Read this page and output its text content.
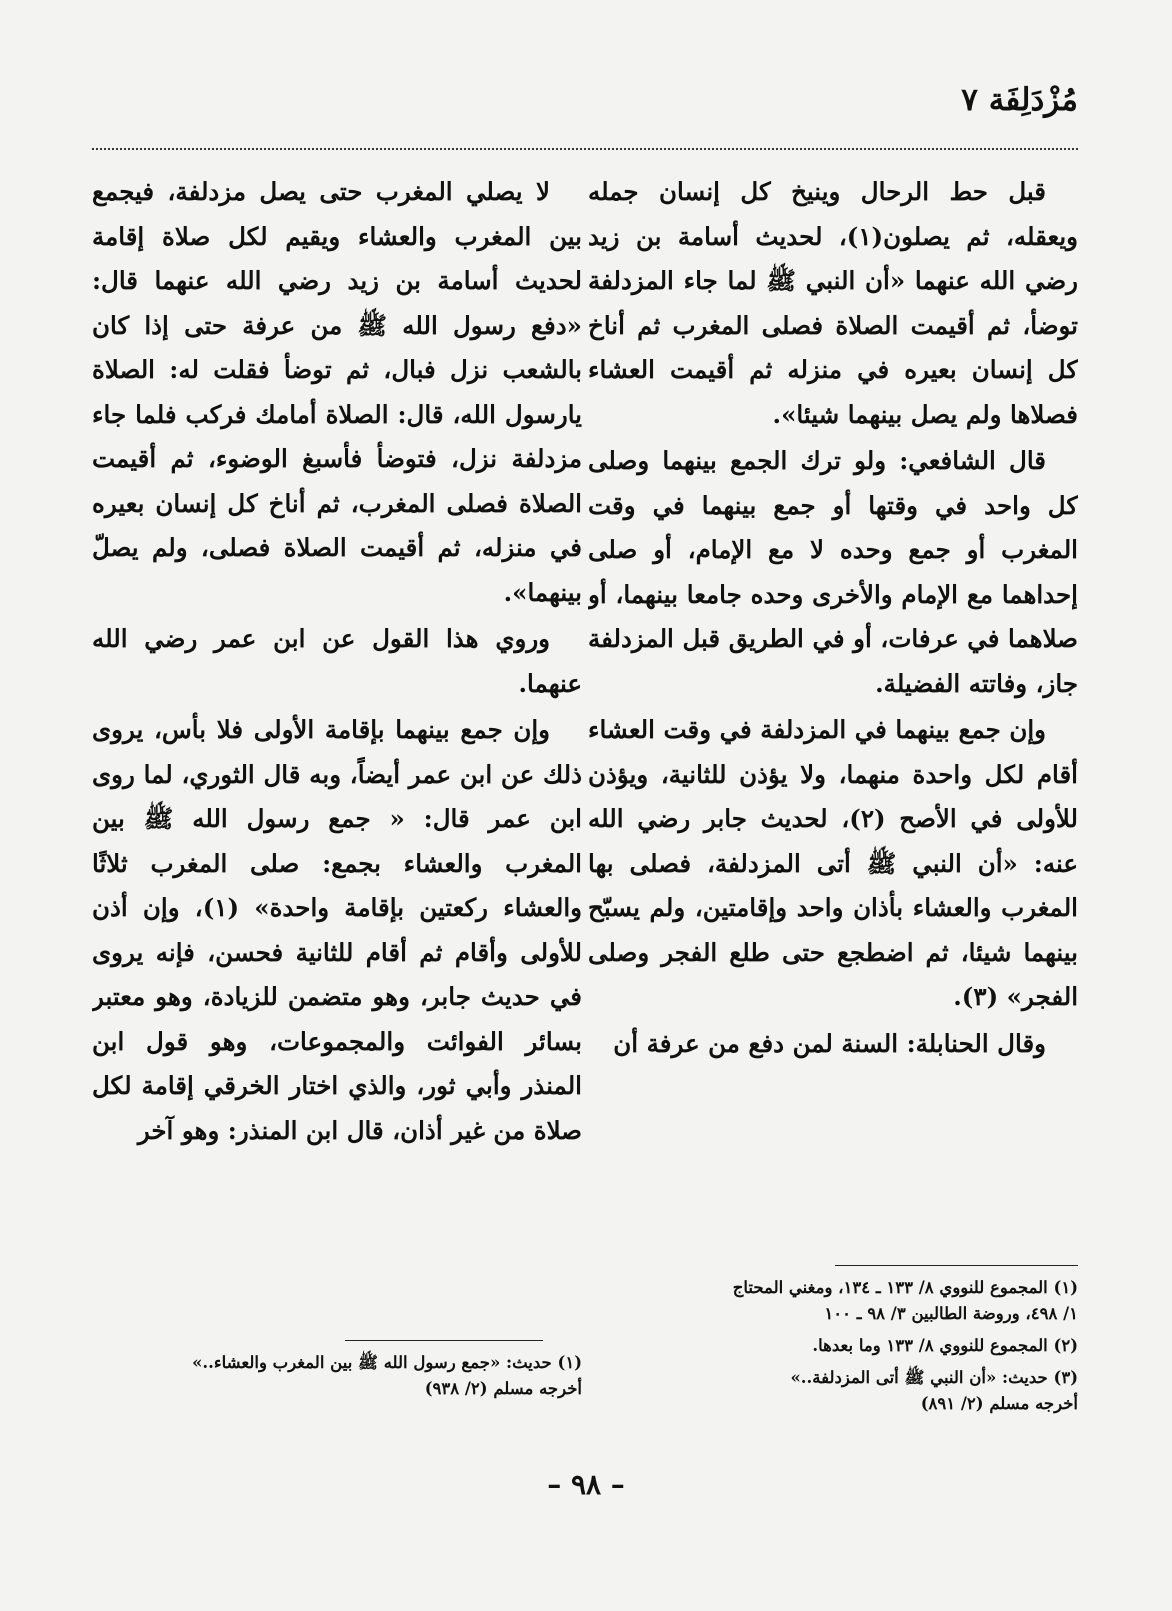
مُزْدَلِفَة ٧

قبل حط الرحال وينيخ كل إنسان جمله ويعقله، ثم يصلون(١)، لحديث أسامة بن زيد رضي الله عنهما «أن النبي ﷺ لما جاء المزدلفة توضأ، ثم أقيمت الصلاة فصلى المغرب ثم أناخ كل إنسان بعيره في منزله ثم أقيمت العشاء فصلاها ولم يصل بينهما شيئا».

قال الشافعي: ولو ترك الجمع بينهما وصلى كل واحد في وقتها أو جمع بينهما في وقت المغرب أو جمع وحده لا مع الإمام، أو صلى إحداهما مع الإمام والأخرى وحده جامعا بينهما، أو صلاهما في عرفات، أو في الطريق قبل المزدلفة جاز، وفاتته الفضيلة.

وإن جمع بينهما في المزدلفة في وقت العشاء أقام لكل واحدة منهما، ولا يؤذن للثانية، ويؤذن للأولى في الأصح (٢)، لحديث جابر رضي الله عنه: «أن النبي ﷺ أتى المزدلفة، فصلى بها المغرب والعشاء بأذان واحد وإقامتين، ولم يسبّح بينهما شيئا، ثم اضطجع حتى طلع الفجر وصلى الفجر» (٣).

وقال الحنابلة: السنة لمن دفع من عرفة أن

لا يصلي المغرب حتى يصل مزدلفة، فيجمع بين المغرب والعشاء ويقيم لكل صلاة إقامة لحديث أسامة بن زيد رضي الله عنهما قال: «دفع رسول الله ﷺ من عرفة حتى إذا كان بالشعب نزل فبال، ثم توضأ فقلت له: الصلاة يارسول الله، قال: الصلاة أمامك فركب فلما جاء مزدلفة نزل، فتوضأ فأسبغ الوضوء، ثم أقيمت الصلاة فصلى المغرب، ثم أناخ كل إنسان بعيره في منزله، ثم أقيمت الصلاة فصلى، ولم يصلّ بينهما».

وروي هذا القول عن ابن عمر رضي الله عنهما.

وإن جمع بينهما بإقامة الأولى فلا بأس، يروى ذلك عن ابن عمر أيضاً، وبه قال الثوري، لما روى ابن عمر قال: « جمع رسول الله ﷺ بين المغرب والعشاء بجمع: صلى المغرب ثلاثًا والعشاء ركعتين بإقامة واحدة» (١)، وإن أذن للأولى وأقام ثم أقام للثانية فحسن، فإنه يروى في حديث جابر، وهو متضمن للزيادة، وهو معتبر بسائر الفوائت والمجموعات، وهو قول ابن المنذر وأبي ثور، والذي اختار الخرقي إقامة لكل صلاة من غير أذان، قال ابن المنذر: وهو آخر

(١) المجموع للنووي ٨/ ١٣٣ ـ ١٣٤، ومغني المحتاج
١/ ٤٩٨، وروضة الطالبين ٣/ ٩٨ ـ ١٠٠

(٢) المجموع للنووي ٨/ ١٣٣ وما بعدها.

(٣) حديث: «أن النبي ﷺ أتى المزدلفة..»
أخرجه مسلم (٢/ ٨٩١)

(١) حديث: «جمع رسول الله ﷺ بين المغرب والعشاء..»
أخرجه مسلم (٢/ ٩٣٨)

– ٩٨ –
